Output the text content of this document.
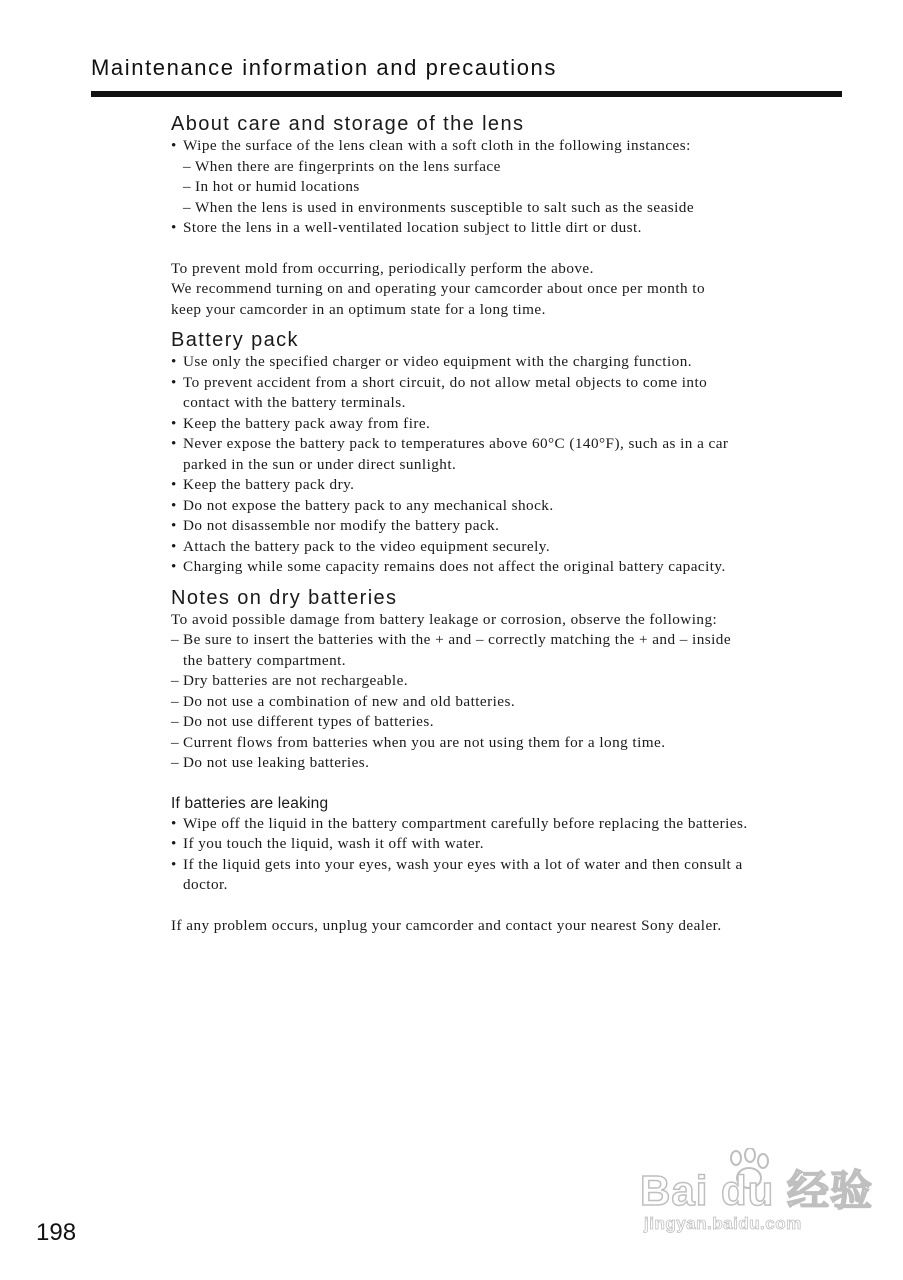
Maintenance information and precautions
About care and storage of the lens
• Wipe the surface of the lens clean with a soft cloth in the following instances:
– When there are fingerprints on the lens surface
– In hot or humid locations
– When the lens is used in environments susceptible to salt such as the seaside
• Store the lens in a well-ventilated location subject to little dirt or dust.
To prevent mold from occurring, periodically perform the above.
We recommend turning on and operating your camcorder about once per month to
keep your camcorder in an optimum state for a long time.
Battery pack
• Use only the specified charger or video equipment with the charging function.
• To prevent accident from a short circuit, do not allow metal objects to come into
contact with the battery terminals.
• Keep the battery pack away from fire.
• Never expose the battery pack to temperatures above 60°C (140°F), such as in a car
parked in the sun or under direct sunlight.
• Keep the battery pack dry.
• Do not expose the battery pack to any mechanical shock.
• Do not disassemble nor modify the battery pack.
• Attach the battery pack to the video equipment securely.
• Charging while some capacity remains does not affect the original battery capacity.
Notes on dry batteries
To avoid possible damage from battery leakage or corrosion, observe the following:
– Be sure to insert the batteries with the + and – correctly matching the + and – inside
the battery compartment.
– Dry batteries are not rechargeable.
– Do not use a combination of new and old batteries.
– Do not use different types of batteries.
– Current flows from batteries when you are not using them for a long time.
– Do not use leaking batteries.
If batteries are leaking
• Wipe off the liquid in the battery compartment carefully before replacing the batteries.
• If you touch the liquid, wash it off with water.
• If the liquid gets into your eyes, wash your eyes with a lot of water and then consult a
doctor.
If any problem occurs, unplug your camcorder and contact your nearest Sony dealer.
198
Bai du 经验
jingyan.baidu.com
